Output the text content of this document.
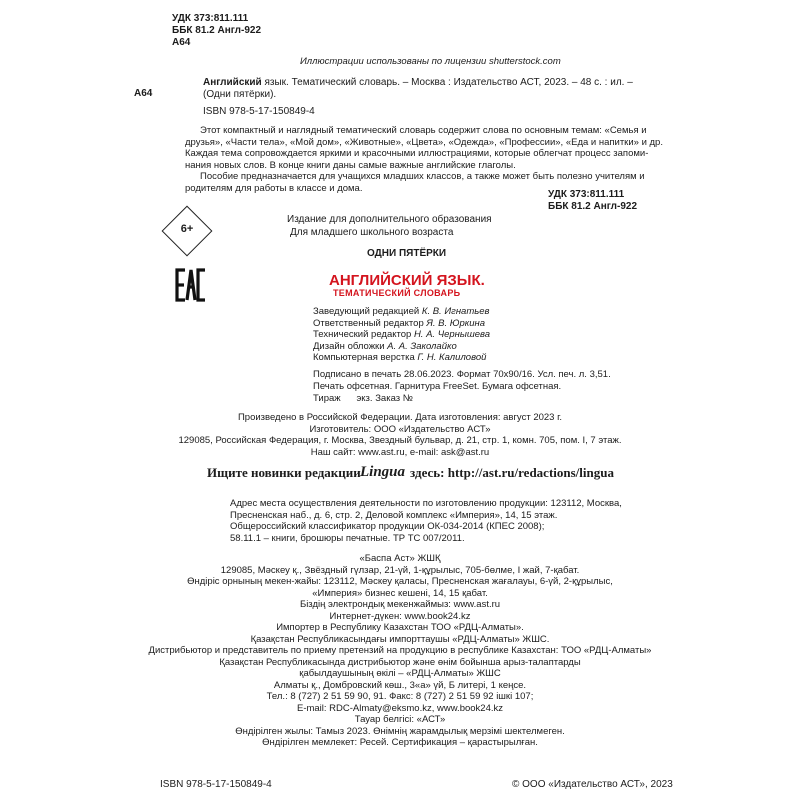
УДК 373:811.111
ББК 81.2 Англ-922
А64
Иллюстрации использованы по лицензии shutterstock.com
А64
Английский язык. Тематический словарь. – Москва : Издательство АСТ, 2023. – 48 с. : ил. –
(Одни пятёрки).
ISBN 978-5-17-150849-4
Этот компактный и наглядный тематический словарь содержит слова по основным темам: «Семья и
друзья», «Части тела», «Мой дом», «Животные», «Цвета», «Одежда», «Профессии», «Еда и напитки» и др.
Каждая тема сопровождается яркими и красочными иллюстрациями, которые облегчат процесс запоми-
нания новых слов. В конце книги даны самые важные английские глаголы.
Пособие предназначается для учащихся младших классов, а также может быть полезно учителям и
родителям для работы в классе и дома.
УДК 373:811.111
ББК 81.2 Англ-922
6+
Издание для дополнительного образования
Для младшего школьного возраста
ОДНИ ПЯТЁРКИ
АНГЛИЙСКИЙ ЯЗЫК.
ТЕМАТИЧЕСКИЙ СЛОВАРЬ
Заведующий редакцией К. В. Игнатьев
Ответственный редактор Я. В. Юркина
Технический редактор Н. А. Чернышева
Дизайн обложки А. А. Заколайко
Компьютерная верстка Г. Н. Калиловой
Подписано в печать 28.06.2023. Формат 70x90/16. Усл. печ. л. 3,51.
Печать офсетная. Гарнитура FreeSet. Бумага офсетная.
Тираж      экз. Заказ №
Произведено в Российской Федерации. Дата изготовления: август 2023 г.
Изготовитель: ООО «Издательство АСТ»
129085, Российская Федерация, г. Москва, Звездный бульвар, д. 21, стр. 1, комн. 705, пом. I, 7 этаж.
Наш сайт: www.ast.ru, e-mail: ask@ast.ru
Ищите новинки редакции Lingua здесь: http://ast.ru/redactions/lingua
Адрес места осуществления деятельности по изготовлению продукции: 123112, Москва,
Пресненская наб., д. 6, стр. 2, Деловой комплекс «Империя», 14, 15 этаж.
Общероссийский классификатор продукции ОК-034-2014 (КПЕС 2008);
58.11.1 – книги, брошюры печатные. ТР ТС 007/2011.
«Баспа Аст» ЖШҚ
129085, Мәскеу қ., Звёздный гүлзар, 21-үй, 1-құрылыс, 705-бөлме, I жай, 7-қабат.
Өндіріс орнының мекен-жайы: 123112, Мәскеу қаласы, Пресненская жағалауы, 6-үй, 2-құрылыс,
«Империя» бизнес кешені, 14, 15 қабат.
Біздің электрондық мекенжаймыз: www.ast.ru
Интернет-дүкен: www.book24.kz
Импортер в Республику Казахстан ТОО «РДЦ-Алматы».
Қазақстан Республикасындағы импорттаушы «РДЦ-Алматы» ЖШС.
Дистрибьютор и представитель по приему претензий на продукцию в республике Казахстан: ТОО «РДЦ-Алматы»
Қазақстан Республикасында дистрибьютор және өнім бойынша арыз-талаптарды
қабылдаушының өкілі – «РДЦ-Алматы» ЖШС
Алматы қ., Домбровский көш., 3«а» үй, Б литері, 1 кеңсе.
Тел.: 8 (727) 2 51 59 90, 91. Факс: 8 (727) 2 51 59 92 ішкі 107;
E-mail: RDC-Almaty@eksmo.kz, www.book24.kz
Тауар белгісі: «АСТ»
Өндірілген жылы: Тамыз 2023. Өнімнің жарамдылық мерзімі шектелмеген.
Өндірілген мемлекет: Ресей. Сертификация – қарастырылған.
ISBN 978-5-17-150849-4	© ООО «Издательство АСТ», 2023
